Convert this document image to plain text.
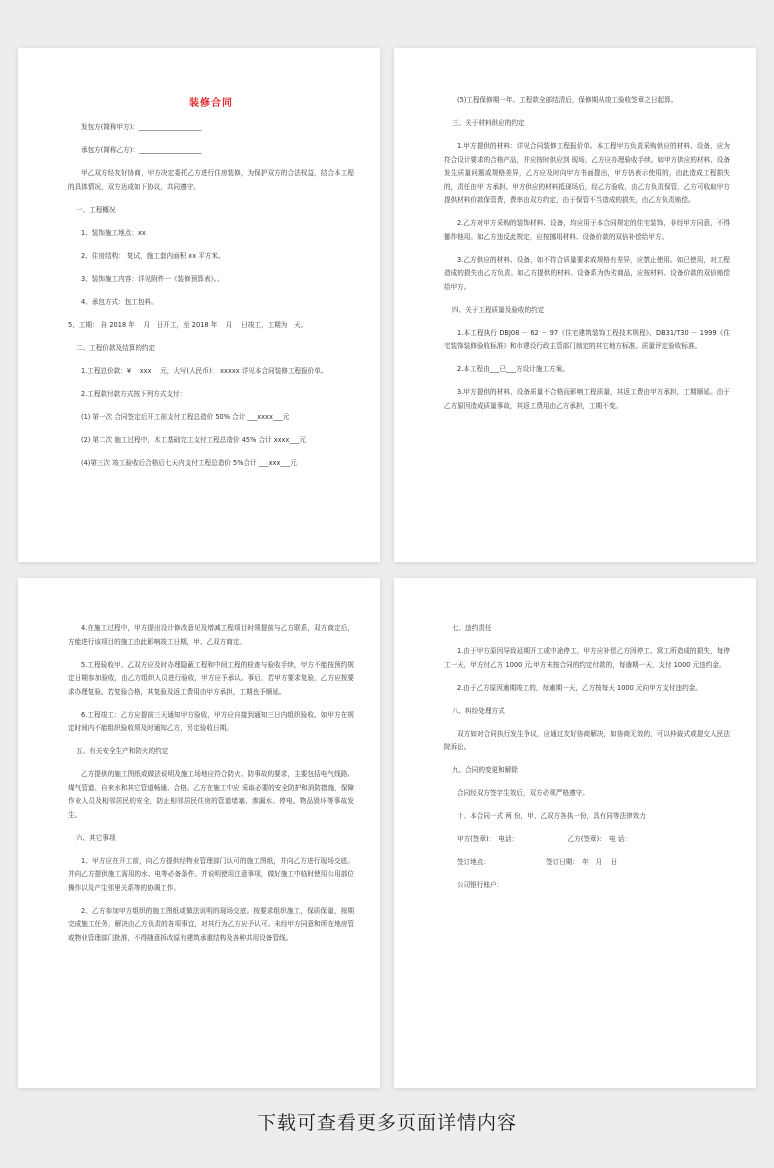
装修合同
发包方(简称甲方)：___________________
承包方(简称乙方)：___________________
甲乙双方经友好协商，甲方决定委托乙方进行住房装修，为保护双方的合法权益，结合本工程的具体情况，双方达成如下协议，共同遵守。
一、工程概况
1、装饰施工地点：xx
2、住房结构： 复试，施工套内面积 xx 平方米。
3、装饰施工内容：详见附件一《装修预算表》。。
4、承包方式：包工包料。
5、工期： 自 2018 年　 月　日开工，至 2018 年　 月　 日竣工，工期为　天。
二、工程价款及结算的约定
1.工程总价款：¥　 xxx　 元，大写(人民币)： xxxxx 详见本合同装修工程报价单。
2.工程款付款方式按下列方式支付：
(1) 第一次 合同签定后开工前支付工程总造价 50% 合计 ___xxxx___元
(2) 第二次 施工过程中，木工基础完工支付工程总造价 45% 合计 xxxx___元
(4)第三次 竣工验收后合格后七天内支付工程总造价 5%合计 ___xxx___元
(5)工程保修期一年。工程款全部结清后，保修期从竣工验收签章之日起算。
三、关于材料供应的约定
1.甲方提供的材料：详见合同装修工程报价单。本工程甲方负责采购供应的材料、设备，应为符合设计要求的合格产品，并应按时供应到 现场，乙方应办理验收手续。如甲方供应的材料、设备发生质量问题或规格差异，乙方应及时向甲方书面提出，甲方仍表示使用的，由此造成工程损失的，责任由甲 方承担。甲方供应的材料抵现场后，经乙方验收，由乙方负责保管，乙方可收取甲方提供材料价款保管费，费率由双方约定，由于保管不当造成的损失，由乙方负责赔偿。
2.乙方对甲方采购的装饰材料、设备，均应用于本合同规定的住宅装饰，非经甲方同意，不得挪作他用。如乙方违反此规定，应按挪用材料、设备价款的双倍补偿给甲方。
3.乙方供应的材料、设备，如不符合质量要求或规格有差异，应禁止使用。如已使用，对工程造成的损失由乙方负责。如乙方提供的材料、设备系为伪劣商品，应按材料、设备价款的双倍赔偿给甲方。
四、关于工程质量及验收的约定
1.本工程执行 DBJ08 － 62 － 97《住宅建筑装饰工程技术规程》、DB31/T30 － 1999《住宅装饰装修验收标准》和市建设行政主管部门制定的其它地方标准、质量评定验收标准。
2.本工程由___已___方设计施工方案。
3.甲方提供的材料、设备质量不合格而影响工程质量，其返工费由甲方承担，工期顺延。由于乙方原因造成质量事故，其返工费用由乙方承担，工期不变。
4.在施工过程中，甲方提出设计修改意见及增减工程项目时须提前与乙方联系，双方商定后，方能进行该项目的施工由此影响竣工日期，甲、乙双方商定。
5.工程验收甲、乙双方应及时办理隐蔽工程和中间工程的检查与验收手续，甲方不能按预约规定日期参加验收，由乙方组织人员进行验收，甲方应予承认。事后，若甲方要求复验，乙方应按要求办理复验。若复验合格，其复验及返工费用由甲方承担，工期也予顺延。
6.工程竣工：乙方应提前三天通知甲方验收，甲方应自接到通知三日内组织验收。如甲方在规定时间内不能组织验收须及时通知乙方，另定验收日期。
五、有关安全生产和防火的约定
乙方提供的施工图纸或做法说明及施工场地应符合防火、防事故的要求，主要包括电气线路、煤气管道、自来水和其它管道畅通、合格。乙方在施工中应 采取必要的安全防护和消防措施，保障作业人员及相邻居民的安全，防止相邻居民住房的管道堵塞、渗漏水、停电、物品毁坏等事故发生。
六、其它事项
1、甲方应在开工前，向乙方提供经物业管理部门认可的施工图纸，并向乙方进行现场交底。并向乙方提供施工需用的水、电等必备条件。并说明使用注意事项，做好施工中临时使用公用部位操作以及产生邻里关系等的协调工作。
2、乙方参加甲方组织的施工图纸或做法说明的现场交底。按要求组织施工，保质保量，按期完成施工任务，解决由乙方负责的各项事宜，对其行为乙方应予认可。未经甲方同意和所在地房管或物业管理部门批准，不得随意拆改原有建筑承重结构及各种共用设备管线。
七、违约责任
1.由于甲方原因导致延期开工或中途停工，甲方应补偿乙方因停工、窝工所造成的损失，每停工一天，甲方付乙方 1000 元;甲方未按合同的约定付款的，每逾期一天，支付 1000 元违约金。
2.由于乙方原因逾期竣工的，每逾期一天，乙方按每天 1000 元向甲方支付违约金。
八、纠纷处理方式
双方如对合同执行发生争议，应通过友好协商解决，如协商无效的，可以仲裁式或提交人民法院诉讼。
九、合同的变更和解除
合同经双方签字生效后，双方必须严格遵守。
十、本合同一式 两 份，甲、乙双方各执一份，具有同等法律效力
甲方(签章)：　电话：　　　　　　　　乙方(签章)：　电 话：
签订地点：　　　　　　　　　签订日期：　年　月　 日
公司银行账户：
下载可查看更多页面详情内容
